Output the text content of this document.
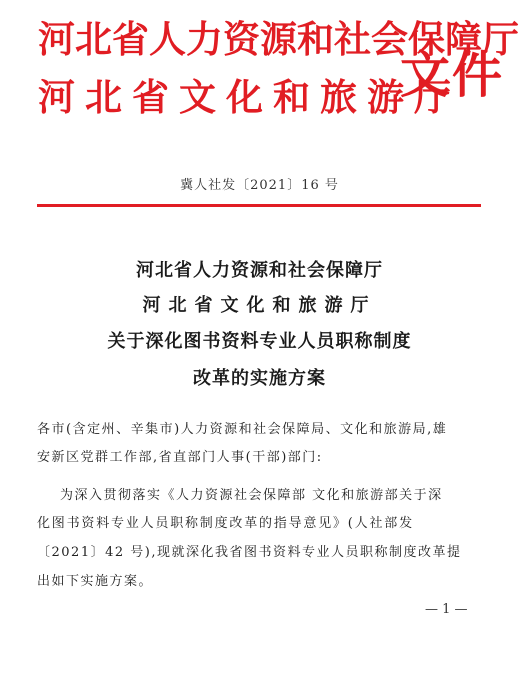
河北省人力资源和社会保障厅
河北省文化和旅游厅
文件
冀人社发〔2021〕16 号
河北省人力资源和社会保障厅
河北省文化和旅游厅
关于深化图书资料专业人员职称制度
改革的实施方案
各市(含定州、辛集市)人力资源和社会保障局、文化和旅游局,雄
安新区党群工作部,省直部门人事(干部)部门:
为深入贯彻落实《人力资源社会保障部 文化和旅游部关于深
化图书资料专业人员职称制度改革的指导意见》(人社部发
〔2021〕42 号),现就深化我省图书资料专业人员职称制度改革提
出如下实施方案。
— 1 —
